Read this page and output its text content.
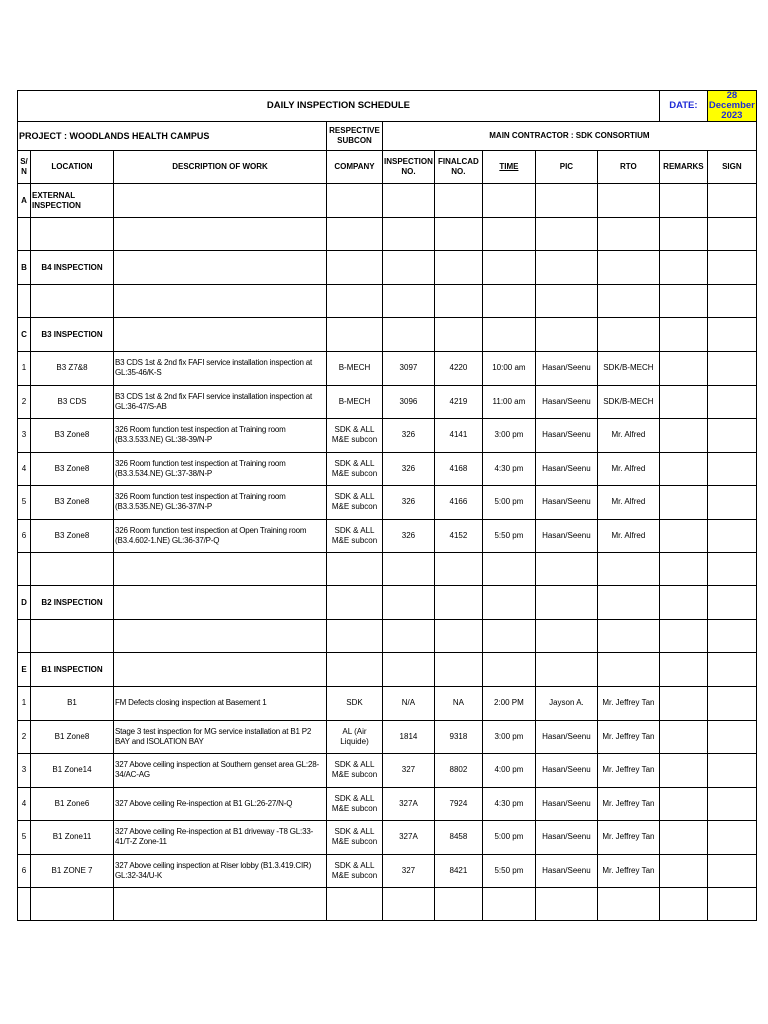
DAILY INSPECTION SCHEDULE									DATE:	28 December 2023
PROJECT : WOODLANDS HEALTH CAMPUS			RESPECTIVE SUBCON	MAIN CONTRACTOR : SDK CONSORTIUM						
S/ N	LOCATION	DESCRIPTION OF WORK	COMPANY	INSPECTION NO.	FINALCAD NO.	TIME	PIC	RTO	REMARKS	SIGN
A	EXTERNAL INSPECTION									

B	B4 INSPECTION									

C	B3 INSPECTION									
1	B3 Z7&8	B3 CDS 1st & 2nd fix FAFI service installation inspection at GL:35-46/K-S	B-MECH	3097	4220	10:00 am	Hasan/Seenu	SDK/B-MECH		
2	B3 CDS	B3 CDS 1st & 2nd fix FAFI service installation inspection at GL:36-47/S-AB	B-MECH	3096	4219	11:00 am	Hasan/Seenu	SDK/B-MECH		
3	B3 Zone8	326 Room function test inspection at Training room (B3.3.533.NE) GL:38-39/N-P	SDK & ALL M&E subcon	326	4141	3:00 pm	Hasan/Seenu	Mr. Alfred		
4	B3 Zone8	326 Room function test inspection at Training room (B3.3.534.NE) GL:37-38/N-P	SDK & ALL M&E subcon	326	4168	4:30 pm	Hasan/Seenu	Mr. Alfred		
5	B3 Zone8	326 Room function test inspection at Training room (B3.3.535.NE) GL:36-37/N-P	SDK & ALL M&E subcon	326	4166	5:00 pm	Hasan/Seenu	Mr. Alfred		
6	B3 Zone8	326 Room function test inspection at Open Training room (B3.4.602-1.NE) GL:36-37/P-Q	SDK & ALL M&E subcon	326	4152	5:50 pm	Hasan/Seenu	Mr. Alfred		

D	B2 INSPECTION									

E	B1 INSPECTION									
1	B1	FM Defects closing inspection at Basement 1	SDK	N/A	NA	2:00 PM	Jayson A.	Mr. Jeffrey Tan		
2	B1 Zone8	Stage 3 test inspection for MG service installation at B1 P2 BAY and ISOLATION BAY	AL (Air Liquide)	1814	9318	3:00 pm	Hasan/Seenu	Mr. Jeffrey Tan		
3	B1 Zone14	327 Above ceiling inspection at Southern genset area GL:28-34/AC-AG	SDK & ALL M&E subcon	327	8802	4:00 pm	Hasan/Seenu	Mr. Jeffrey Tan		
4	B1 Zone6	327 Above ceiling Re-inspection at B1 GL:26-27/N-Q	SDK & ALL M&E subcon	327A	7924	4:30 pm	Hasan/Seenu	Mr. Jeffrey Tan		
5	B1 Zone11	327 Above ceiling Re-inspection at B1 driveway -T8 GL:33-41/T-Z Zone-11	SDK & ALL M&E subcon	327A	8458	5:00 pm	Hasan/Seenu	Mr. Jeffrey Tan		
6	B1 ZONE 7	327 Above ceiling inspection at Riser lobby (B1.3.419.CIR) GL:32-34/U-K	SDK & ALL M&E subcon	327	8421	5:50 pm	Hasan/Seenu	Mr. Jeffrey Tan		
